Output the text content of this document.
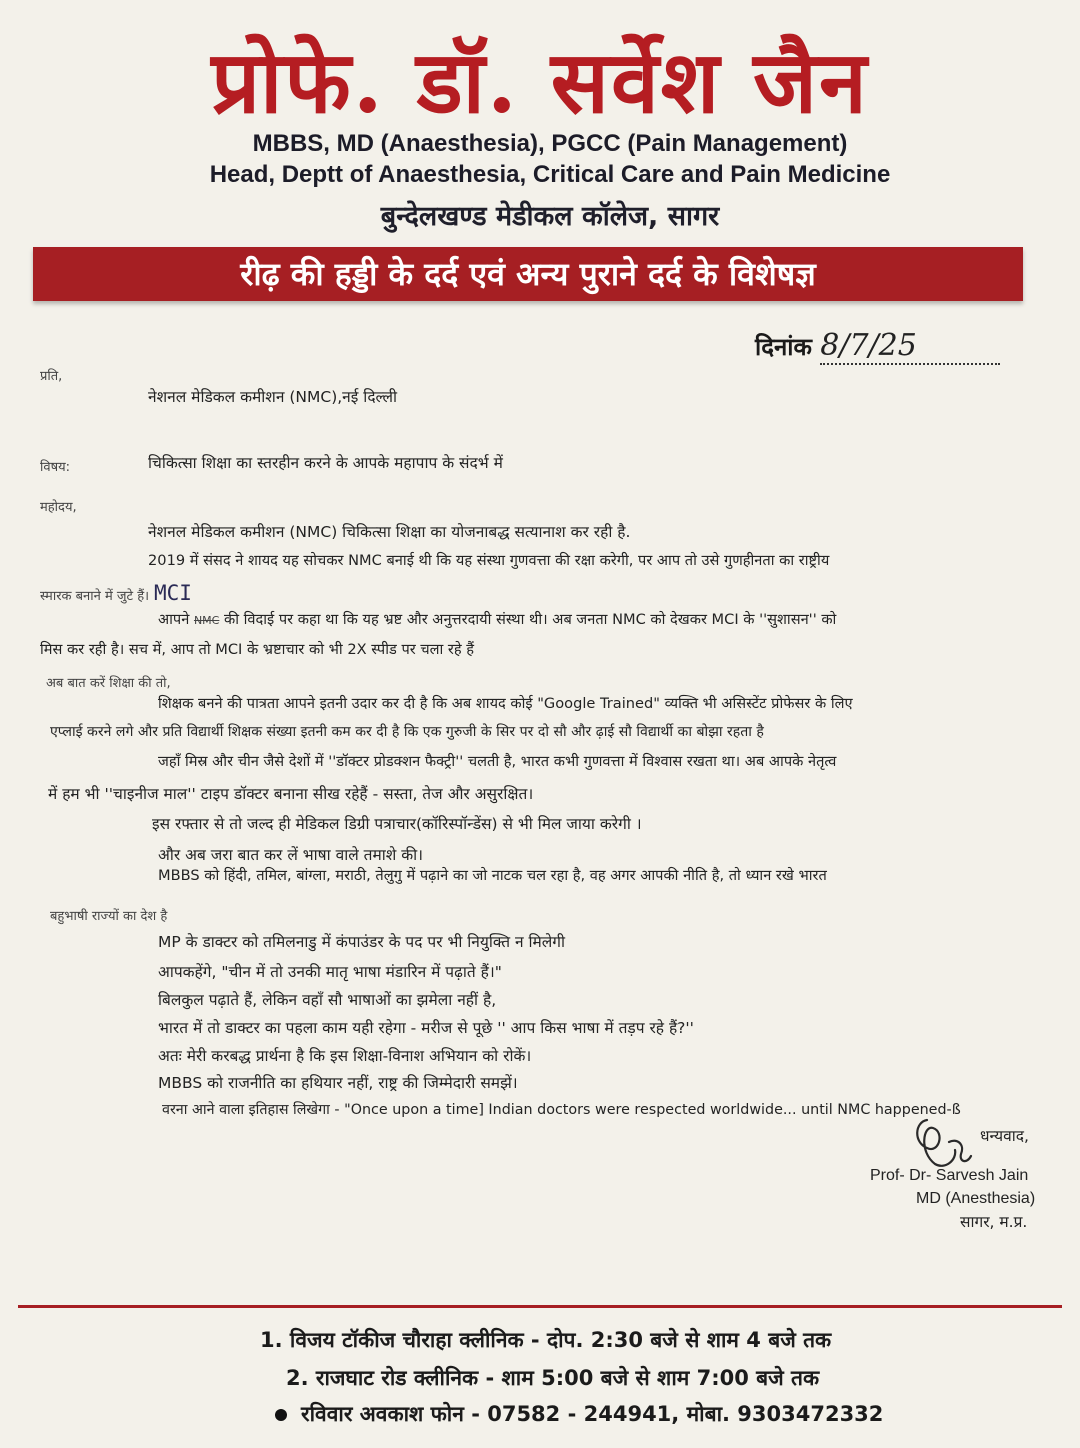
प्रोफे. डॉ. सर्वेश जैन
MBBS, MD (Anaesthesia), PGCC (Pain Management)
Head, Deptt of Anaesthesia, Critical Care and Pain Medicine
बुन्देलखण्ड मेडीकल कॉलेज, सागर
रीढ़ की हड्डी के दर्द एवं अन्य पुराने दर्द के विशेषज्ञ
दिनांक 8/7/25
प्रति,
नेशनल मेडिकल कमीशन (NMC),नई दिल्ली
विषय:	चिकित्सा शिक्षा का स्तरहीन करने के आपके महापाप के संदर्भ में
महोदय,
नेशनल मेडिकल कमीशन (NMC) चिकित्सा शिक्षा का योजनाबद्ध सत्यानाश कर रही है.
2019 में संसद ने शायद यह सोचकर NMC बनाई थी कि यह संस्था गुणवत्ता की रक्षा करेगी, पर आप तो उसे गुणहीनता का राष्ट्रीय
स्मारक बनाने में जुटे हैं। MCI
आपने NMC की विदाई पर कहा था कि यह भ्रष्ट और अनुत्तरदायी संस्था थी। अब जनता NMC को देखकर MCI के ''सुशासन'' को
मिस कर रही है। सच में, आप तो MCI के भ्रष्टाचार को भी 2X स्पीड पर चला रहे हैं
अब बात करें शिक्षा की तो,
शिक्षक बनने की पात्रता आपने इतनी उदार कर दी है कि अब शायद कोई "Google Trained" व्यक्ति भी असिस्टेंट प्रोफेसर के लिए
एप्लाई करने लगे और प्रति विद्यार्थी शिक्षक संख्या इतनी कम कर दी है कि एक गुरुजी के सिर पर दो सौ और ढ़ाई सौ विद्यार्थी का बोझा रहता है
जहाँ मिस्र और चीन जैसे देशों में ''डॉक्टर प्रोडक्शन फैक्ट्री'' चलती है, भारत कभी गुणवत्ता में विश्वास रखता था। अब आपके नेतृत्व
में हम भी ''चाइनीज माल'' टाइप डॉक्टर बनाना सीख रहेहैं - सस्ता, तेज और असुरक्षित।
इस रफ्तार से तो जल्द ही मेडिकल डिग्री पत्राचार(कॉरिस्पॉन्डेंस) से भी मिल जाया करेगी ।
और अब जरा बात कर लें भाषा वाले तमाशे की।
MBBS को हिंदी, तमिल, बांग्ला, मराठी, तेलुगु में पढ़ाने का जो नाटक चल रहा है, वह अगर आपकी नीति है, तो ध्यान रखे भारत
बहुभाषी राज्यों का देश है
MP के डाक्टर को तमिलनाडु में कंपाउंडर के पद पर भी नियुक्ति न मिलेगी
आपकहेंगे, "चीन में तो उनकी मातृ भाषा मंडारिन में पढ़ाते हैं।"
बिलकुल पढ़ाते हैं, लेकिन वहाँ सौ भाषाओं का झमेला नहीं है,
भारत में तो डाक्टर का पहला काम यही रहेगा - मरीज से पूछे '' आप किस भाषा में तड़प रहे हैं?''
अतः मेरी करबद्ध प्रार्थना है कि इस शिक्षा-विनाश अभियान को रोकें।
MBBS को राजनीति का हथियार नहीं, राष्ट्र की जिम्मेदारी समझें।
वरना आने वाला इतिहास लिखेगा - "Once upon a time] Indian doctors were respected worldwide... until NMC happened-ß
धन्यवाद,
Prof- Dr- Sarvesh Jain
MD (Anesthesia)
सागर, म.प्र.
1. विजय टॉकीज चौराहा क्लीनिक - दोप. 2:30 बजे से शाम 4 बजे तक
2. राजघाट रोड क्लीनिक - शाम 5:00 बजे से शाम 7:00 बजे तक
रविवार अवकाश फोन - 07582 - 244941, मोबा. 9303472332
